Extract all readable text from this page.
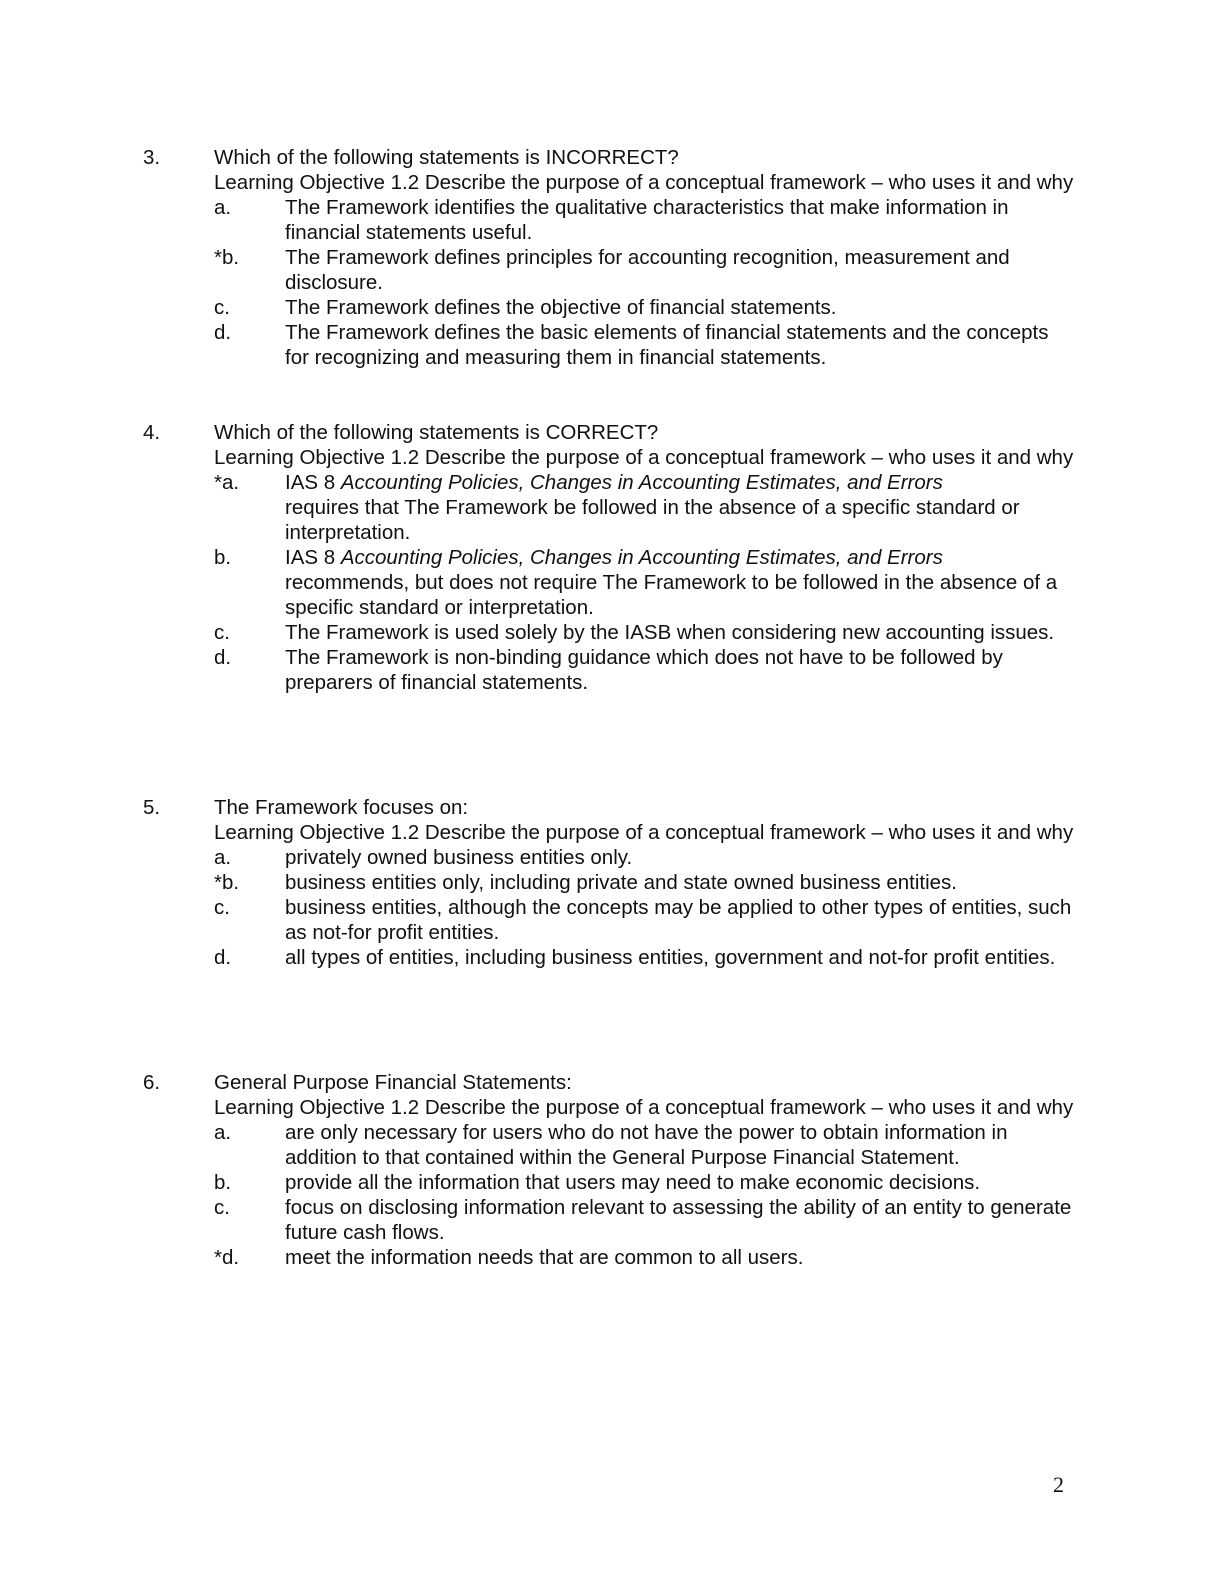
3.	Which of the following statements is INCORRECT?
Learning Objective 1.2 Describe the purpose of a conceptual framework – who uses it and why
a.	The Framework identifies the qualitative characteristics that make information in financial statements useful.
*b.	The Framework defines principles for accounting recognition, measurement and disclosure.
c.	The Framework defines the objective of financial statements.
d.	The Framework defines the basic elements of financial statements and the concepts for recognizing and measuring them in financial statements.
4.	Which of the following statements is CORRECT?
Learning Objective 1.2 Describe the purpose of a conceptual framework – who uses it and why
*a.	IAS 8 Accounting Policies, Changes in Accounting Estimates, and Errors
requires that The Framework be followed in the absence of a specific standard or interpretation.
b.	IAS 8 Accounting Policies, Changes in Accounting Estimates, and Errors
recommends, but does not require The Framework to be followed in the absence of a specific standard or interpretation.
c.	The Framework is used solely by the IASB when considering new accounting issues.
d.	The Framework is non-binding guidance which does not have to be followed by preparers of financial statements.
5.	The Framework focuses on:
Learning Objective 1.2 Describe the purpose of a conceptual framework – who uses it and why
a.	privately owned business entities only.
*b.	business entities only, including private and state owned business entities.
c.	business entities, although the concepts may be applied to other types of entities, such as not-for profit entities.
d.	all types of entities, including business entities, government and not-for profit entities.
6.	General Purpose Financial Statements:
Learning Objective 1.2 Describe the purpose of a conceptual framework – who uses it and why
a.	are only necessary for users who do not have the power to obtain information in addition to that contained within the General Purpose Financial Statement.
b.	provide all the information that users may need to make economic decisions.
c.	focus on disclosing information relevant to assessing the ability of an entity to generate future cash flows.
*d.	meet the information needs that are common to all users.
2
